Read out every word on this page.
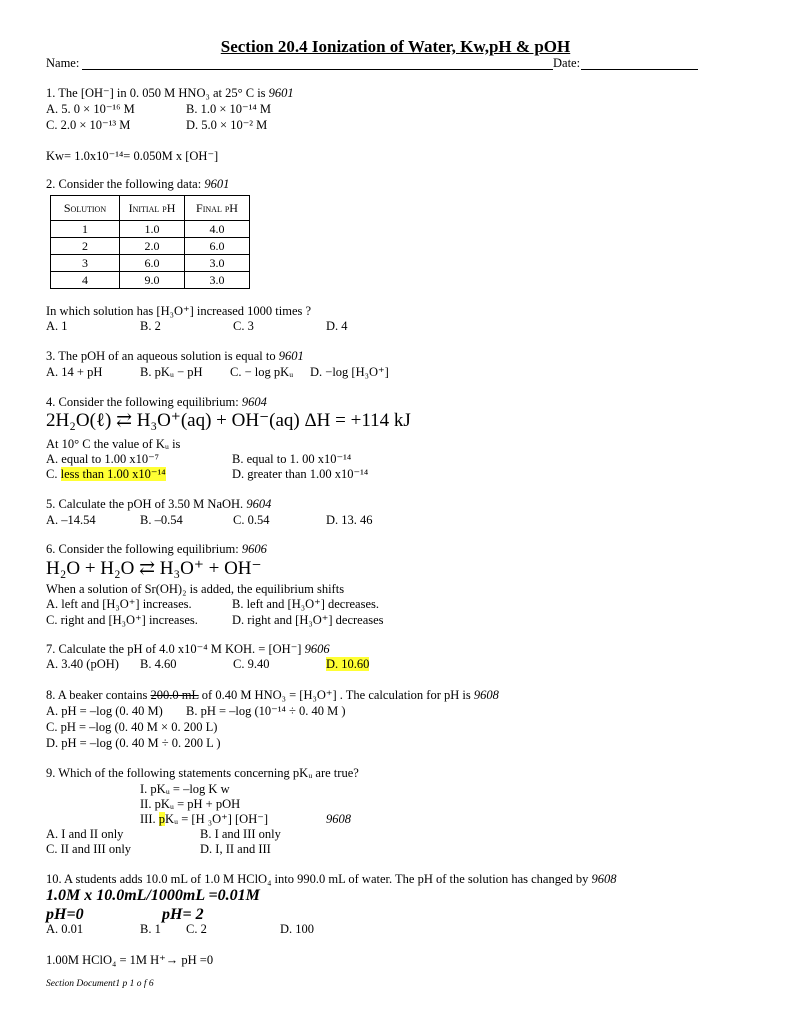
Section 20.4 Ionization of Water, Kw,pH & pOH
Name:	Date:
1. The [OH⁻] in 0. 050 M HNO₃ at 25° C is 9601
A. 5. 0 × 10⁻¹⁶ M	B. 1.0 × 10⁻¹⁴ M
C. 2.0 × 10⁻¹³ M	D. 5.0 × 10⁻² M
Kw= 1.0x10⁻¹⁴= 0.050M x [OH⁻]
2. Consider the following data: 9601
Solution	Initial pH	Final pH
1	1.0	4.0
2	2.0	6.0
3	6.0	3.0
4	9.0	3.0
In which solution has [H₃O⁺] increased 1000 times ?
A. 1	B. 2	C. 3	D. 4
3. The pOH of an aqueous solution is equal to 9601
A. 14 + pH	B. pKᵤ − pH C. − log pKᵤ D. −log [H₃O⁺]
4. Consider the following equilibrium: 9604
2H₂O(ℓ) ⇄ H₃O⁺(aq) + OH⁻(aq) ΔH = +114 kJ
At 10° C the value of Kᵤ is
A. equal to 1.00 x10⁻⁷	B. equal to 1. 00 x10⁻¹⁴
C. less than 1.00 x10⁻¹⁴	D. greater than 1.00 x10⁻¹⁴
5. Calculate the pOH of 3.50 M NaOH. 9604
A. –14.54	B. –0.54	C. 0.54	D. 13. 46
6. Consider the following equilibrium: 9606
H₂O + H₂O ⇄ H₃O⁺ + OH⁻
When a solution of Sr(OH)₂ is added, the equilibrium shifts
A. left and [H₃O⁺] increases.	B. left and [H₃O⁺] decreases.
C. right and [H₃O⁺] increases.	D. right and [H₃O⁺] decreases
7. Calculate the pH of 4.0 x10⁻⁴ M KOH. = [OH⁻] 9606
A. 3.40 (pOH) B. 4.60	C. 9.40	D. 10.60
8. A beaker contains 200.0 mL of 0.40 M HNO₃ = [H₃O⁺] . The calculation for pH is 9608
A. pH = –log (0. 40 M) B. pH = –log (10⁻¹⁴ ÷ 0. 40 M )
C. pH = –log (0. 40 M × 0. 200 L)
D. pH = –log (0. 40 M ÷ 0. 200 L )
9. Which of the following statements concerning pKᵤ are true?
I. pKᵤ = –log K w
II. pKᵤ = pH + pOH
III. pKᵤ = [H ₃O⁺] [OH⁻]	9608
A. I and II only	B. I and III only
C. II and III only	D. I, II and III
10. A students adds 10.0 mL of 1.0 M HClO₄ into 990.0 mL of water. The pH of the solution has changed by 9608
1.0M x 10.0mL/1000mL =0.01M
pH=0	pH= 2
A. 0.01	B. 1 C. 2	D. 100
1.00M HClO₄ = 1M H⁺→ pH =0
Section Document1 p 1 o f 6
